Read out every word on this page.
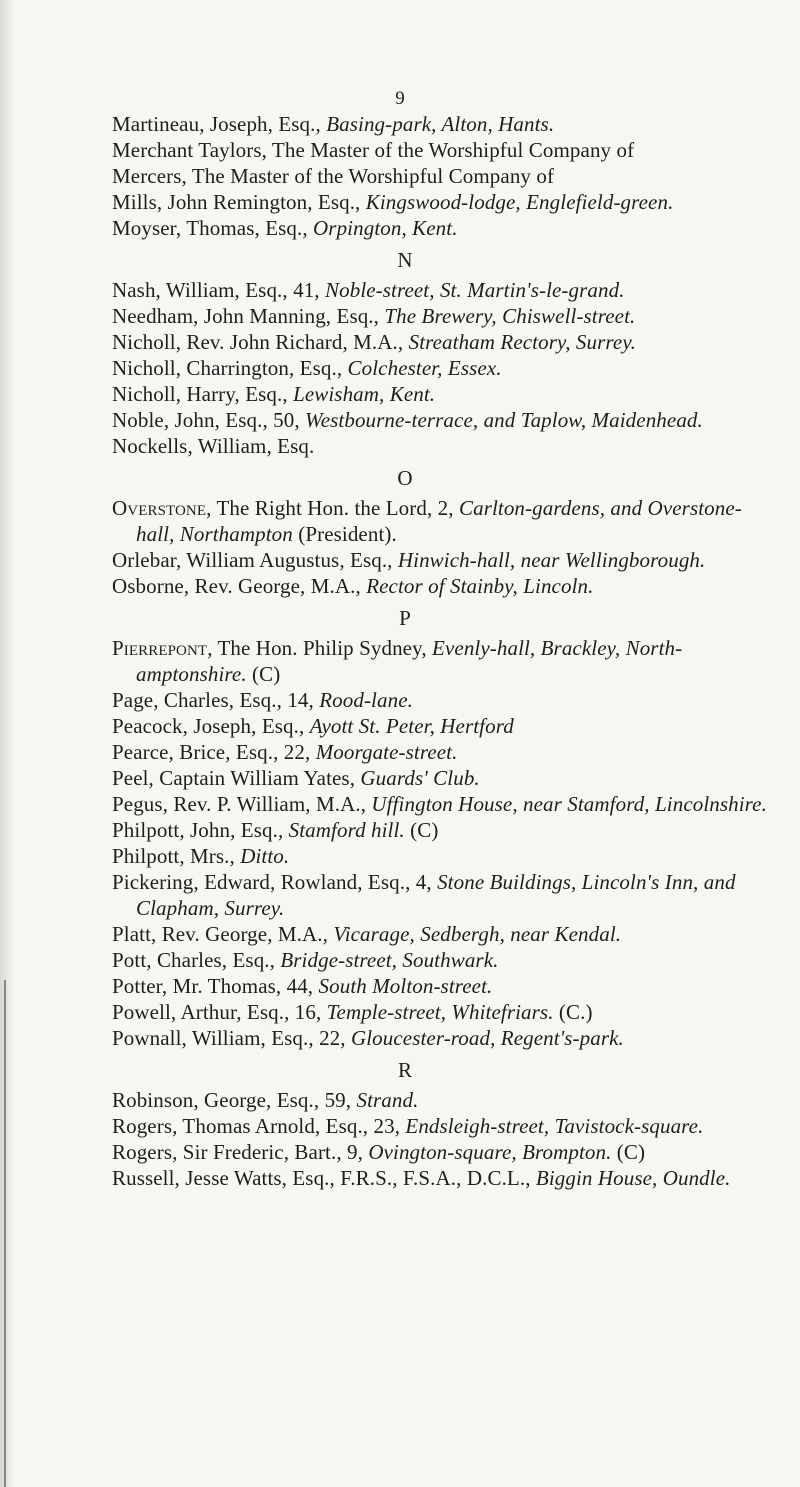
9
Martineau, Joseph, Esq., Basing-park, Alton, Hants.
Merchant Taylors, The Master of the Worshipful Company of
Mercers, The Master of the Worshipful Company of
Mills, John Remington, Esq., Kingswood-lodge, Englefield-green.
Moyser, Thomas, Esq., Orpington, Kent.
N
Nash, William, Esq., 41, Noble-street, St. Martin's-le-grand.
Needham, John Manning, Esq., The Brewery, Chiswell-street.
Nicholl, Rev. John Richard, M.A., Streatham Rectory, Surrey.
Nicholl, Charrington, Esq., Colchester, Essex.
Nicholl, Harry, Esq., Lewisham, Kent.
Noble, John, Esq., 50, Westbourne-terrace, and Taplow, Maidenhead.
Nockells, William, Esq.
O
Overstone, The Right Hon. the Lord, 2, Carlton-gardens, and Overstone-
hall, Northampton (President).
Orlebar, William Augustus, Esq., Hinwich-hall, near Wellingborough.
Osborne, Rev. George, M.A., Rector of Stainby, Lincoln.
P
Pierrepont, The Hon. Philip Sydney, Evenly-hall, Brackley, North-
amptonshire. (C)
Page, Charles, Esq., 14, Rood-lane.
Peacock, Joseph, Esq., Ayott St. Peter, Hertford
Pearce, Brice, Esq., 22, Moorgate-street.
Peel, Captain William Yates, Guards' Club.
Pegus, Rev. P. William, M.A., Uffington House, near Stamford, Lincolnshire.
Philpott, John, Esq., Stamford hill. (C)
Philpott, Mrs., Ditto.
Pickering, Edward, Rowland, Esq., 4, Stone Buildings, Lincoln's Inn, and
Clapham, Surrey.
Platt, Rev. George, M.A., Vicarage, Sedbergh, near Kendal.
Pott, Charles, Esq., Bridge-street, Southwark.
Potter, Mr. Thomas, 44, South Molton-street.
Powell, Arthur, Esq., 16, Temple-street, Whitefriars. (C.)
Pownall, William, Esq., 22, Gloucester-road, Regent's-park.
R
Robinson, George, Esq., 59, Strand.
Rogers, Thomas Arnold, Esq., 23, Endsleigh-street, Tavistock-square.
Rogers, Sir Frederic, Bart., 9, Ovington-square, Brompton. (C)
Russell, Jesse Watts, Esq., F.R.S., F.S.A., D.C.L., Biggin House, Oundle.
